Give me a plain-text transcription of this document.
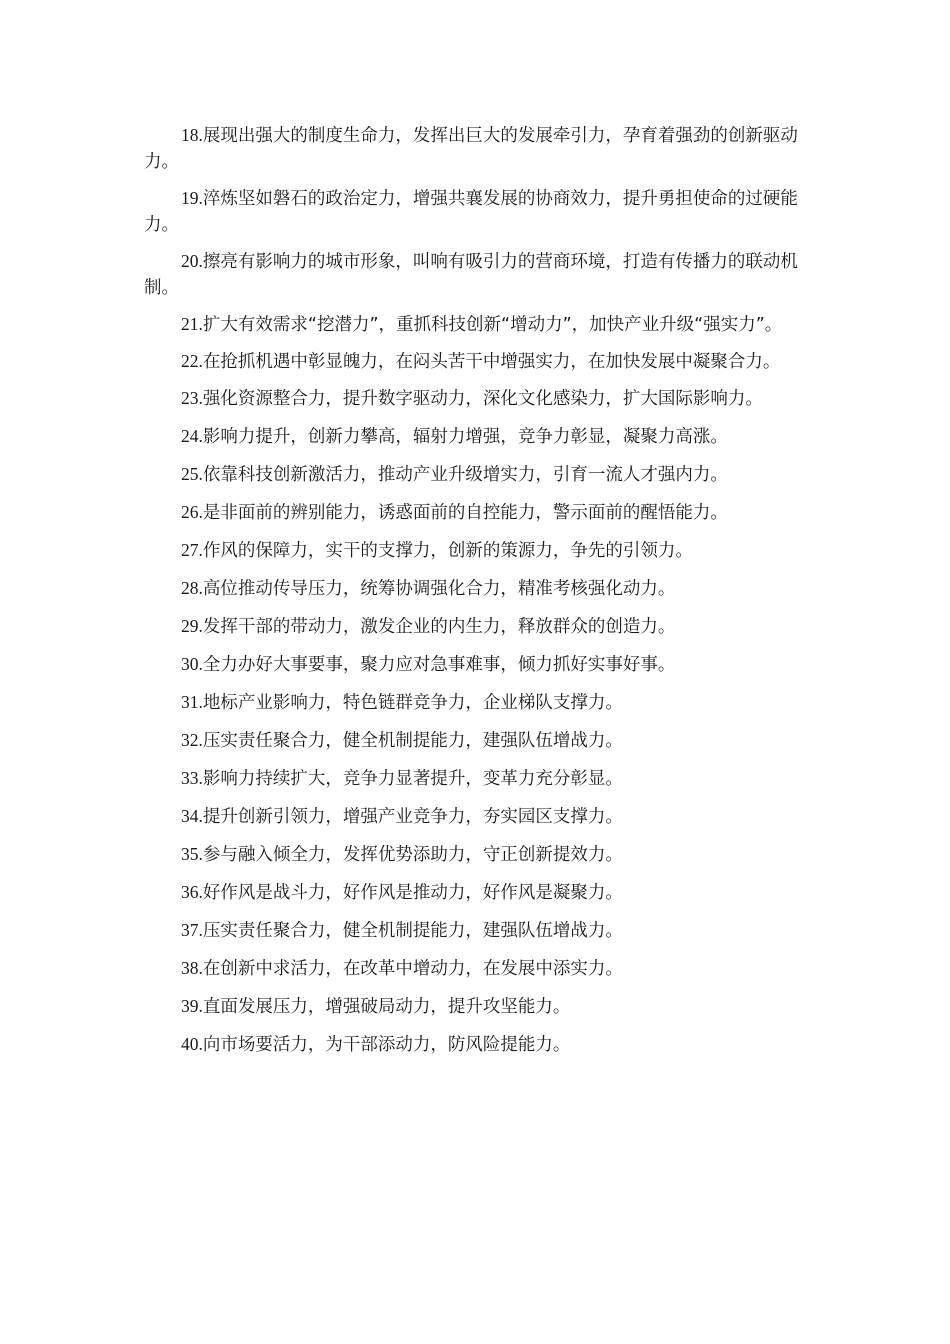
18.展现出强大的制度生命力，发挥出巨大的发展牵引力，孕育着强劲的创新驱动力。

19.淬炼坚如磐石的政治定力，增强共襄发展的协商效力，提升勇担使命的过硬能力。

20.擦亮有影响力的城市形象，叫响有吸引力的营商环境，打造有传播力的联动机制。

21.扩大有效需求“挖潜力”，重抓科技创新“增动力”，加快产业升级“强实力”。

22.在抢抓机遇中彰显魄力，在闷头苦干中增强实力，在加快发展中凝聚合力。

23.强化资源整合力，提升数字驱动力，深化文化感染力，扩大国际影响力。

24.影响力提升，创新力攀高，辐射力增强，竞争力彰显，凝聚力高涨。

25.依靠科技创新激活力，推动产业升级增实力，引育一流人才强内力。

26.是非面前的辨别能力，诱惑面前的自控能力，警示面前的醒悟能力。

27.作风的保障力，实干的支撑力，创新的策源力，争先的引领力。

28.高位推动传导压力，统筹协调强化合力，精准考核强化动力。

29.发挥干部的带动力，激发企业的内生力，释放群众的创造力。

30.全力办好大事要事，聚力应对急事难事，倾力抓好实事好事。

31.地标产业影响力，特色链群竞争力，企业梯队支撑力。

32.压实责任聚合力，健全机制提能力，建强队伍增战力。

33.影响力持续扩大，竞争力显著提升，变革力充分彰显。

34.提升创新引领力，增强产业竞争力，夯实园区支撑力。

35.参与融入倾全力，发挥优势添助力，守正创新提效力。

36.好作风是战斗力，好作风是推动力，好作风是凝聚力。

37.压实责任聚合力，健全机制提能力，建强队伍增战力。

38.在创新中求活力，在改革中增动力，在发展中添实力。

39.直面发展压力，增强破局动力，提升攻坚能力。

40.向市场要活力，为干部添动力，防风险提能力。
